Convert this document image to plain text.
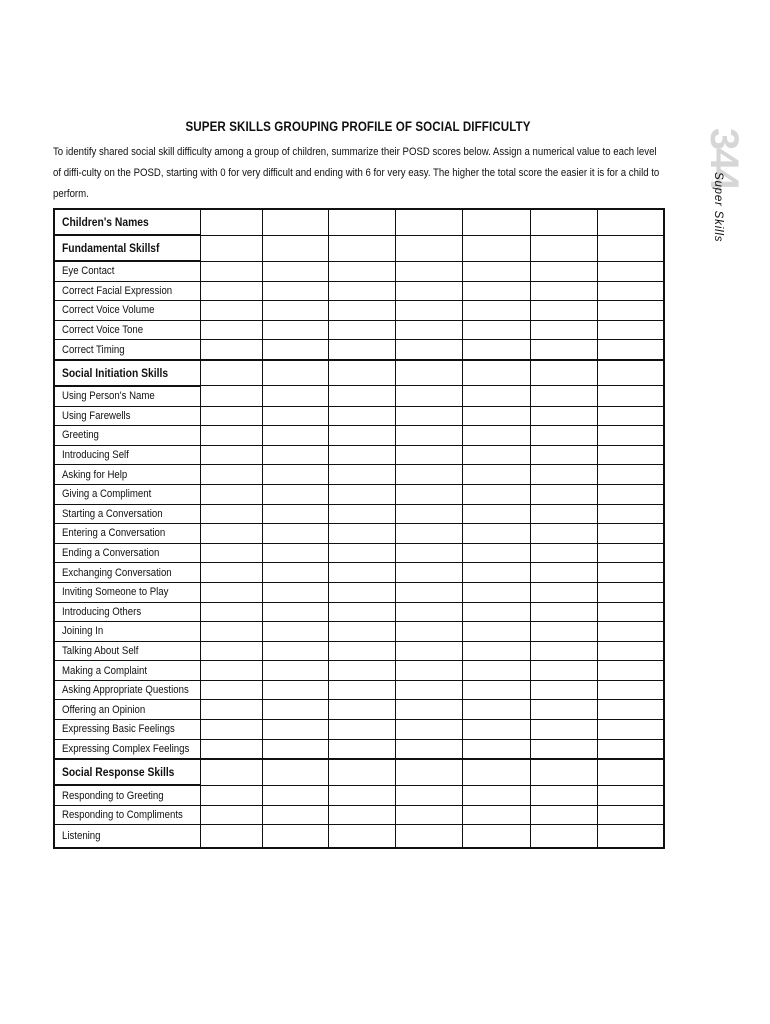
SUPER SKILLS GROUPING PROFILE OF SOCIAL DIFFICULTY
To identify shared social skill difficulty among a group of children, summarize their POSD scores below. Assign a numerical value to each level of diffi-culty on the POSD, starting with 0 for very difficult and ending with 6 for very easy. The higher the total score the easier it is for a child to perform.
344
Super Skills
Children's Names							
Fundamental Skillsf							
Eye Contact							
Correct Facial Expression							
Correct Voice Volume							
Correct Voice Tone							
Correct Timing							
Social Initiation Skills							
Using Person's Name							
Using Farewells							
Greeting							
Introducing Self							
Asking for Help							
Giving a Compliment							
Starting a Conversation							
Entering a Conversation							
Ending a Conversation							
Exchanging Conversation							
Inviting Someone to Play							
Introducing Others							
Joining In							
Talking About Self							
Making a Complaint							
Asking Appropriate Questions							
Offering an Opinion							
Expressing Basic Feelings							
Expressing Complex Feelings							
Social Response Skills							
Responding to Greeting							
Responding to Compliments							
Listening							
